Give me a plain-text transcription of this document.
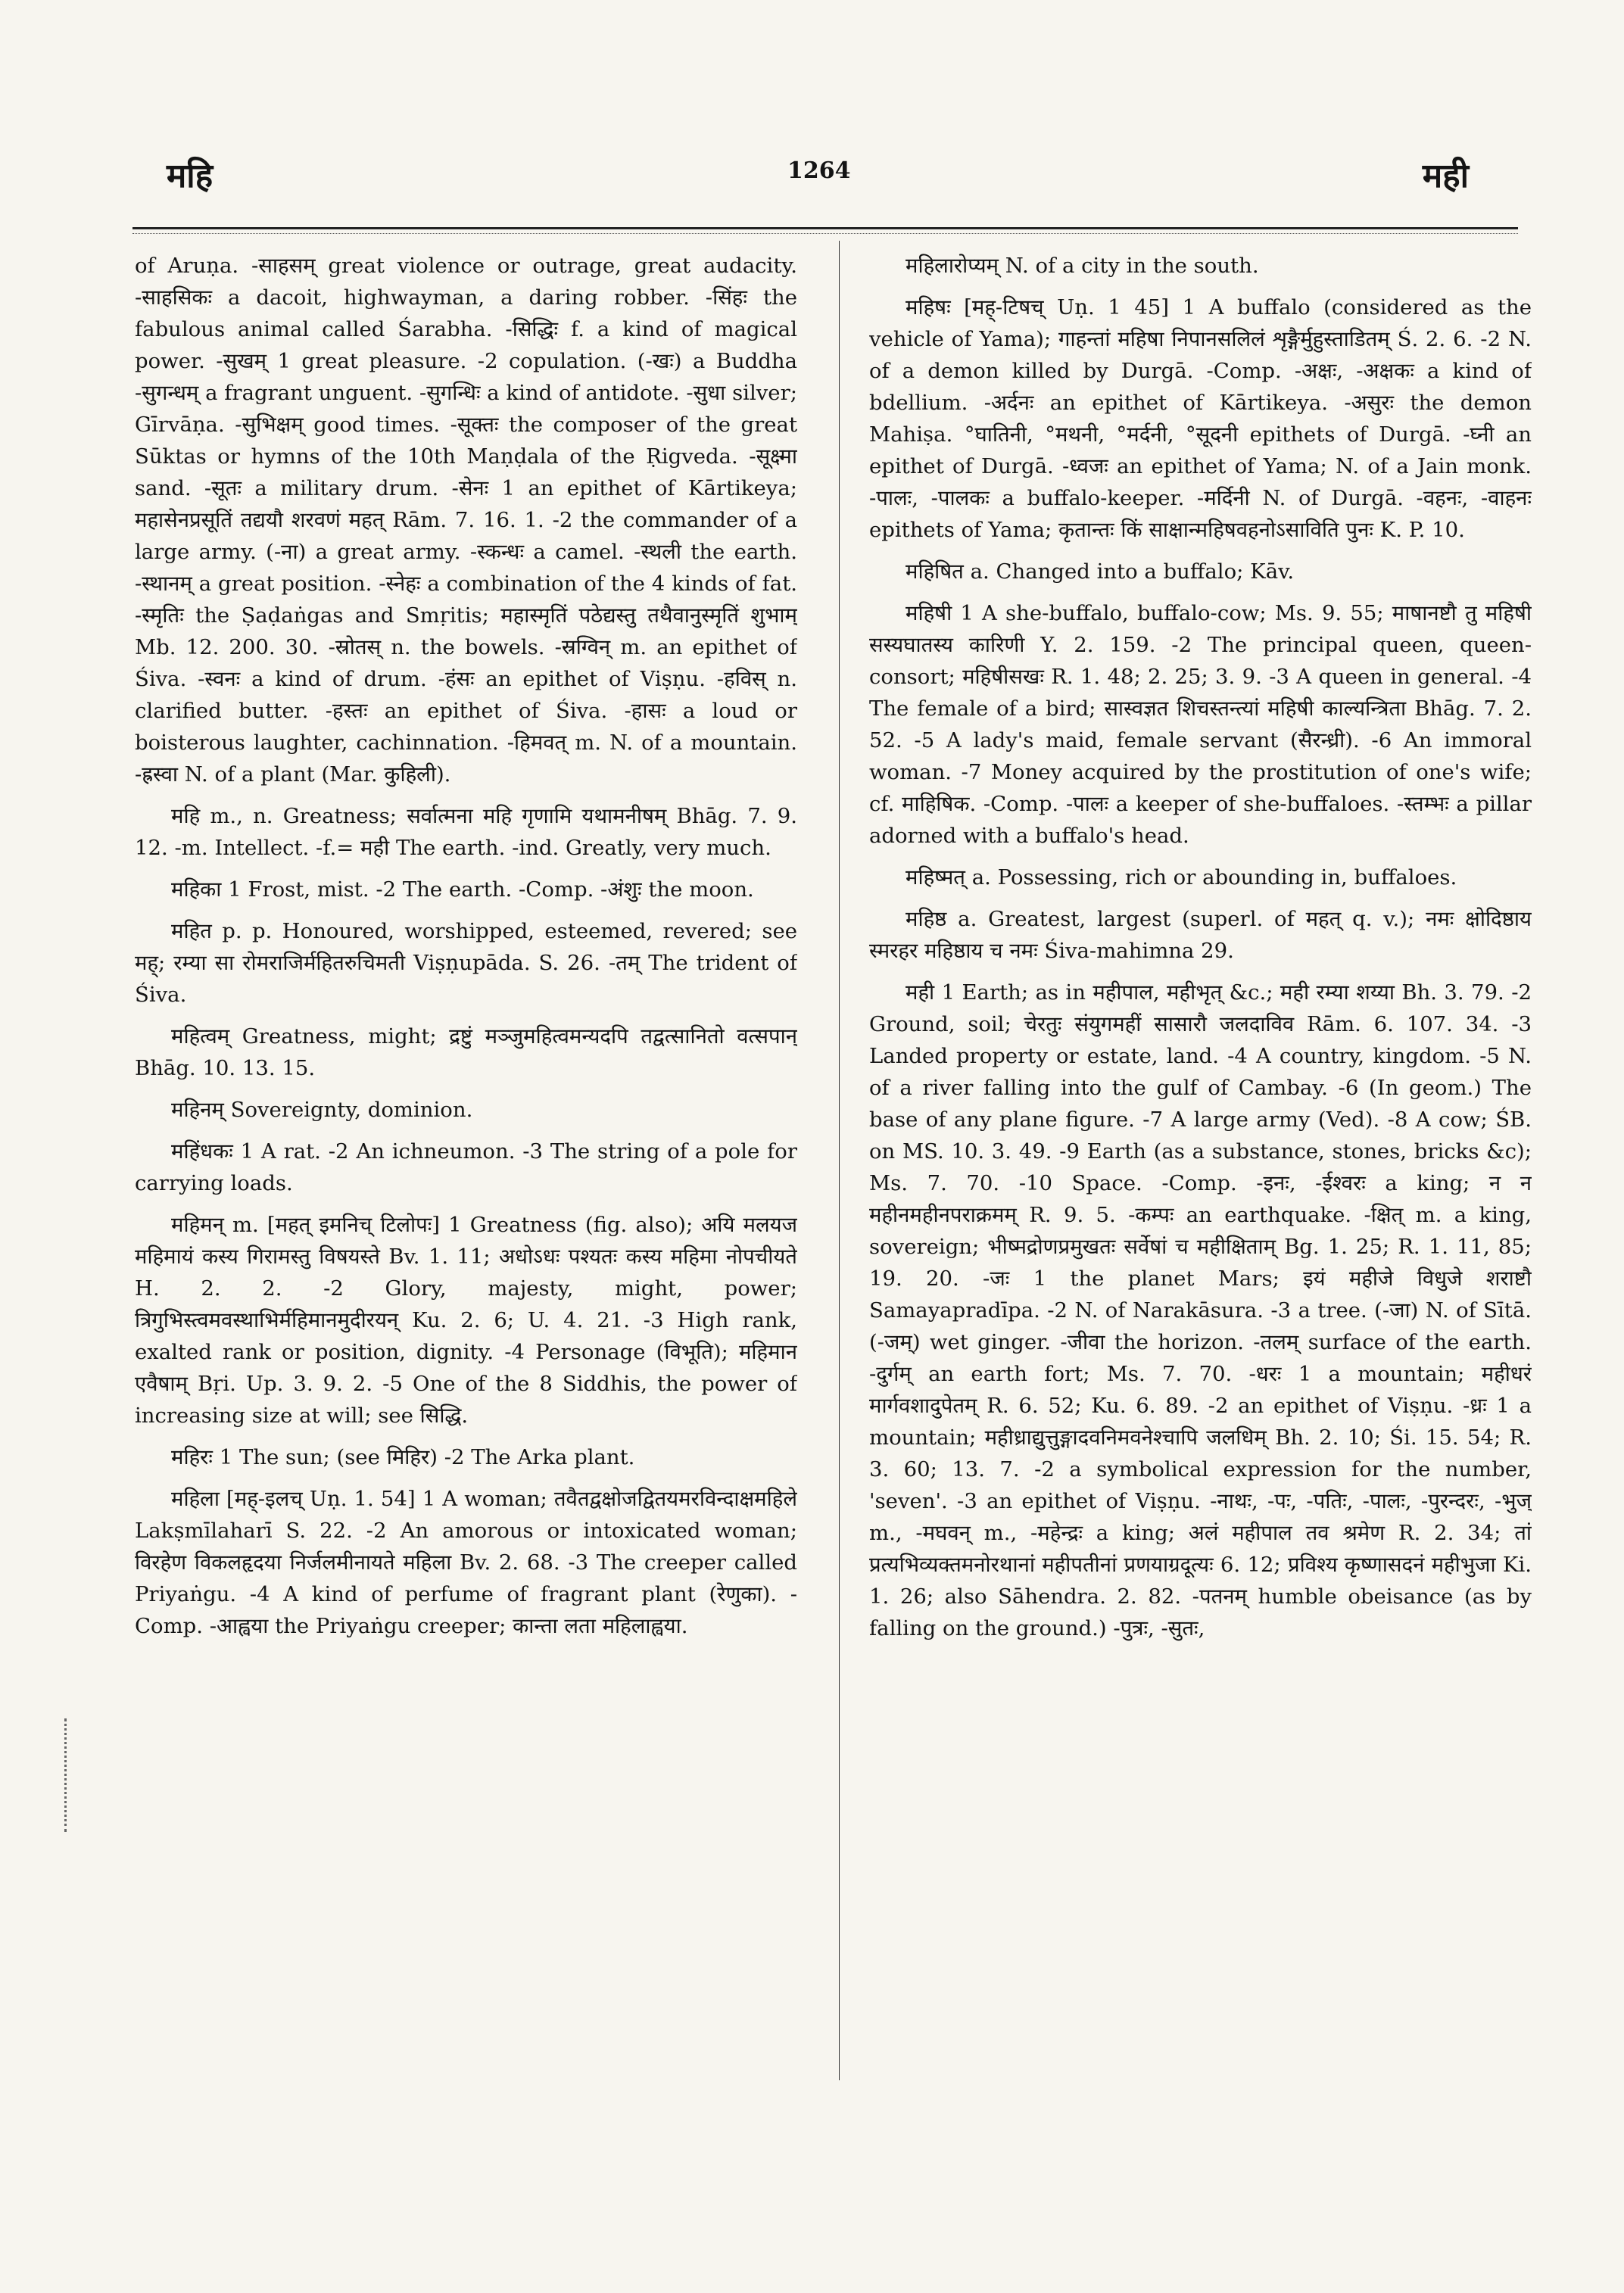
महि	1264	मही

of Aruṇa. -साहसम् great violence or outrage, great audacity. -साहसिकः a dacoit, highwayman, a daring robber. -सिंहः the fabulous animal called Śarabha. -सिद्धिः f. a kind of magical power. -सुखम् 1 great pleasure. -2 copulation. (-खः) a Buddha -सुगन्धम् a fragrant unguent. -सुगन्धिः a kind of antidote. -सुधा silver; Gīrvāṇa. -सुभिक्षम् good times. -सूक्तः the composer of the great Sūktas or hymns of the 10th Maṇḍala of the Ṛigveda. -सूक्ष्मा sand. -सूतः a military drum. -सेनः 1 an epithet of Kārtikeya; महासेनप्रसूतिं तद्ययौ शरवणं महत् Rām. 7. 16. 1. -2 the commander of a large army. (-ना) a great army. -स्कन्धः a camel. -स्थली the earth. -स्थानम् a great position. -स्नेहः a combination of the 4 kinds of fat. -स्मृतिः the Ṣaḍaṅgas and Smṛitis; महास्मृतिं पठेद्यस्तु तथैवानुस्मृतिं शुभाम् Mb. 12. 200. 30. -स्रोतस् n. the bowels. -स्रग्विन् m. an epithet of Śiva. -स्वनः a kind of drum. -हंसः an epithet of Viṣṇu. -हविस् n. clarified butter. -हस्तः an epithet of Śiva. -हासः a loud or boisterous laughter, cachinnation. -हिमवत् m. N. of a mountain. -ह्रस्वा N. of a plant (Mar. कुहिली).

महि m., n. Greatness; सर्वात्मना महि गृणामि यथामनीषम् Bhāg. 7. 9. 12. -m. Intellect. -f.= मही The earth. -ind. Greatly, very much.

महिका 1 Frost, mist. -2 The earth. -Comp. -अंशुः the moon.

महित p. p. Honoured, worshipped, esteemed, revered; see मह्; रम्या सा रोमराजिर्महितरुचिमती Viṣṇupāda. S. 26. -तम् The trident of Śiva.

महित्वम् Greatness, might; द्रष्टुं मञ्जुमहित्वमन्यदपि तद्वत्सानितो वत्सपान् Bhāg. 10. 13. 15.

महिनम् Sovereignty, dominion.

महिंधकः 1 A rat. -2 An ichneumon. -3 The string of a pole for carrying loads.

महिमन् m. [महत् इमनिच् टिलोपः] 1 Greatness (fig. also); अयि मलयज महिमायं कस्य गिरामस्तु विषयस्ते Bv. 1. 11; अधोऽधः पश्यतः कस्य महिमा नोपचीयते H. 2. 2. -2 Glory, majesty, might, power; त्रिगुभिस्त्वमवस्थाभिर्महिमानमुदीरयन् Ku. 2. 6; U. 4. 21. -3 High rank, exalted rank or position, dignity. -4 Personage (विभूति); महिमान एवैषाम् Bṛi. Up. 3. 9. 2. -5 One of the 8 Siddhis, the power of increasing size at will; see सिद्धि.

महिरः 1 The sun; (see मिहिर) -2 The Arka plant.

महिला [मह्-इलच् Uṇ. 1. 54] 1 A woman; तवैतद्वक्षोजद्वितयमरविन्दाक्षमहिले Lakṣmīlaharī S. 22. -2 An amorous or intoxicated woman; विरहेण विकलहृदया निर्जलमीनायते महिला Bv. 2. 68. -3 The creeper called Priyaṅgu. -4 A kind of perfume of fragrant plant (रेणुका). -Comp. -आह्वया the Priyaṅgu creeper; कान्ता लता महिलाह्वया.

महिलारोप्यम् N. of a city in the south.

महिषः [मह्-टिषच् Uṇ. 1 45] 1 A buffalo (considered as the vehicle of Yama); गाहन्तां महिषा निपानसलिलं शृङ्गैर्मुहुस्ताडितम् Ś. 2. 6. -2 N. of a demon killed by Durgā. -Comp. -अक्षः, -अक्षकः a kind of bdellium. -अर्दनः an epithet of Kārtikeya. -असुरः the demon Mahiṣa. °घातिनी, °मथनी, °मर्दनी, °सूदनी epithets of Durgā. -घ्नी an epithet of Durgā. -ध्वजः an epithet of Yama; N. of a Jain monk. -पालः, -पालकः a buffalo-keeper. -मर्दिनी N. of Durgā. -वहनः, -वाहनः epithets of Yama; कृतान्तः किं साक्षान्महिषवहनोऽसाविति पुनः K. P. 10.

महिषित a. Changed into a buffalo; Kāv.

महिषी 1 A she-buffalo, buffalo-cow; Ms. 9. 55; माषानष्टौ तु महिषी सस्यघातस्य कारिणी Y. 2. 159. -2 The principal queen, queen-consort; महिषीसखः R. 1. 48; 2. 25; 3. 9. -3 A queen in general. -4 The female of a bird; सास्वज्ञत शिचस्तन्त्यां महिषी काल्यन्त्रिता Bhāg. 7. 2. 52. -5 A lady's maid, female servant (सैरन्ध्री). -6 An immoral woman. -7 Money acquired by the prostitution of one's wife; cf. माहिषिक. -Comp. -पालः a keeper of she-buffaloes. -स्तम्भः a pillar adorned with a buffalo's head.

महिष्मत् a. Possessing, rich or abounding in, buffaloes.

महिष्ठ a. Greatest, largest (superl. of महत् q. v.); नमः क्षोदिष्ठाय स्मरहर महिष्ठाय च नमः Śiva-mahimna 29.

मही 1 Earth; as in महीपाल, महीभृत् &c.; मही रम्या शय्या Bh. 3. 79. -2 Ground, soil; चेरतुः संयुगमहीं सासारौ जलदाविव Rām. 6. 107. 34. -3 Landed property or estate, land. -4 A country, kingdom. -5 N. of a river falling into the gulf of Cambay. -6 (In geom.) The base of any plane figure. -7 A large army (Ved). -8 A cow; ŚB. on MS. 10. 3. 49. -9 Earth (as a substance, stones, bricks &c); Ms. 7. 70. -10 Space. -Comp. -इनः, -ईश्वरः a king; न न महीनमहीनपराक्रमम् R. 9. 5. -कम्पः an earthquake. -क्षित् m. a king, sovereign; भीष्मद्रोणप्रमुखतः सर्वेषां च महीक्षिताम् Bg. 1. 25; R. 1. 11, 85; 19. 20. -जः 1 the planet Mars; इयं महीजे विधुजे शराष्टौ Samayapradīpa. -2 N. of Narakāsura. -3 a tree. (-जा) N. of Sītā. (-जम्) wet ginger. -जीवा the horizon. -तलम् surface of the earth. -दुर्गम् an earth fort; Ms. 7. 70. -धरः 1 a mountain; महीधरं मार्गवशादुपेतम् R. 6. 52; Ku. 6. 89. -2 an epithet of Viṣṇu. -ध्रः 1 a mountain; महीध्राद्युत्तुङ्गादवनिमवनेश्चापि जलधिम् Bh. 2. 10; Śi. 15. 54; R. 3. 60; 13. 7. -2 a symbolical expression for the number, 'seven'. -3 an epithet of Viṣṇu. -नाथः, -पः, -पतिः, -पालः, -पुरन्दरः, -भुज् m., -मघवन् m., -महेन्द्रः a king; अलं महीपाल तव श्रमेण R. 2. 34; तां प्रत्यभिव्यक्तमनोरथानां महीपतीनां प्रणयाग्रदूत्यः 6. 12; प्रविश्य कृष्णासदनं महीभुजा Ki. 1. 26; also Sāhendra. 2. 82. -पतनम् humble obeisance (as by falling on the ground.) -पुत्रः, -सुतः,
